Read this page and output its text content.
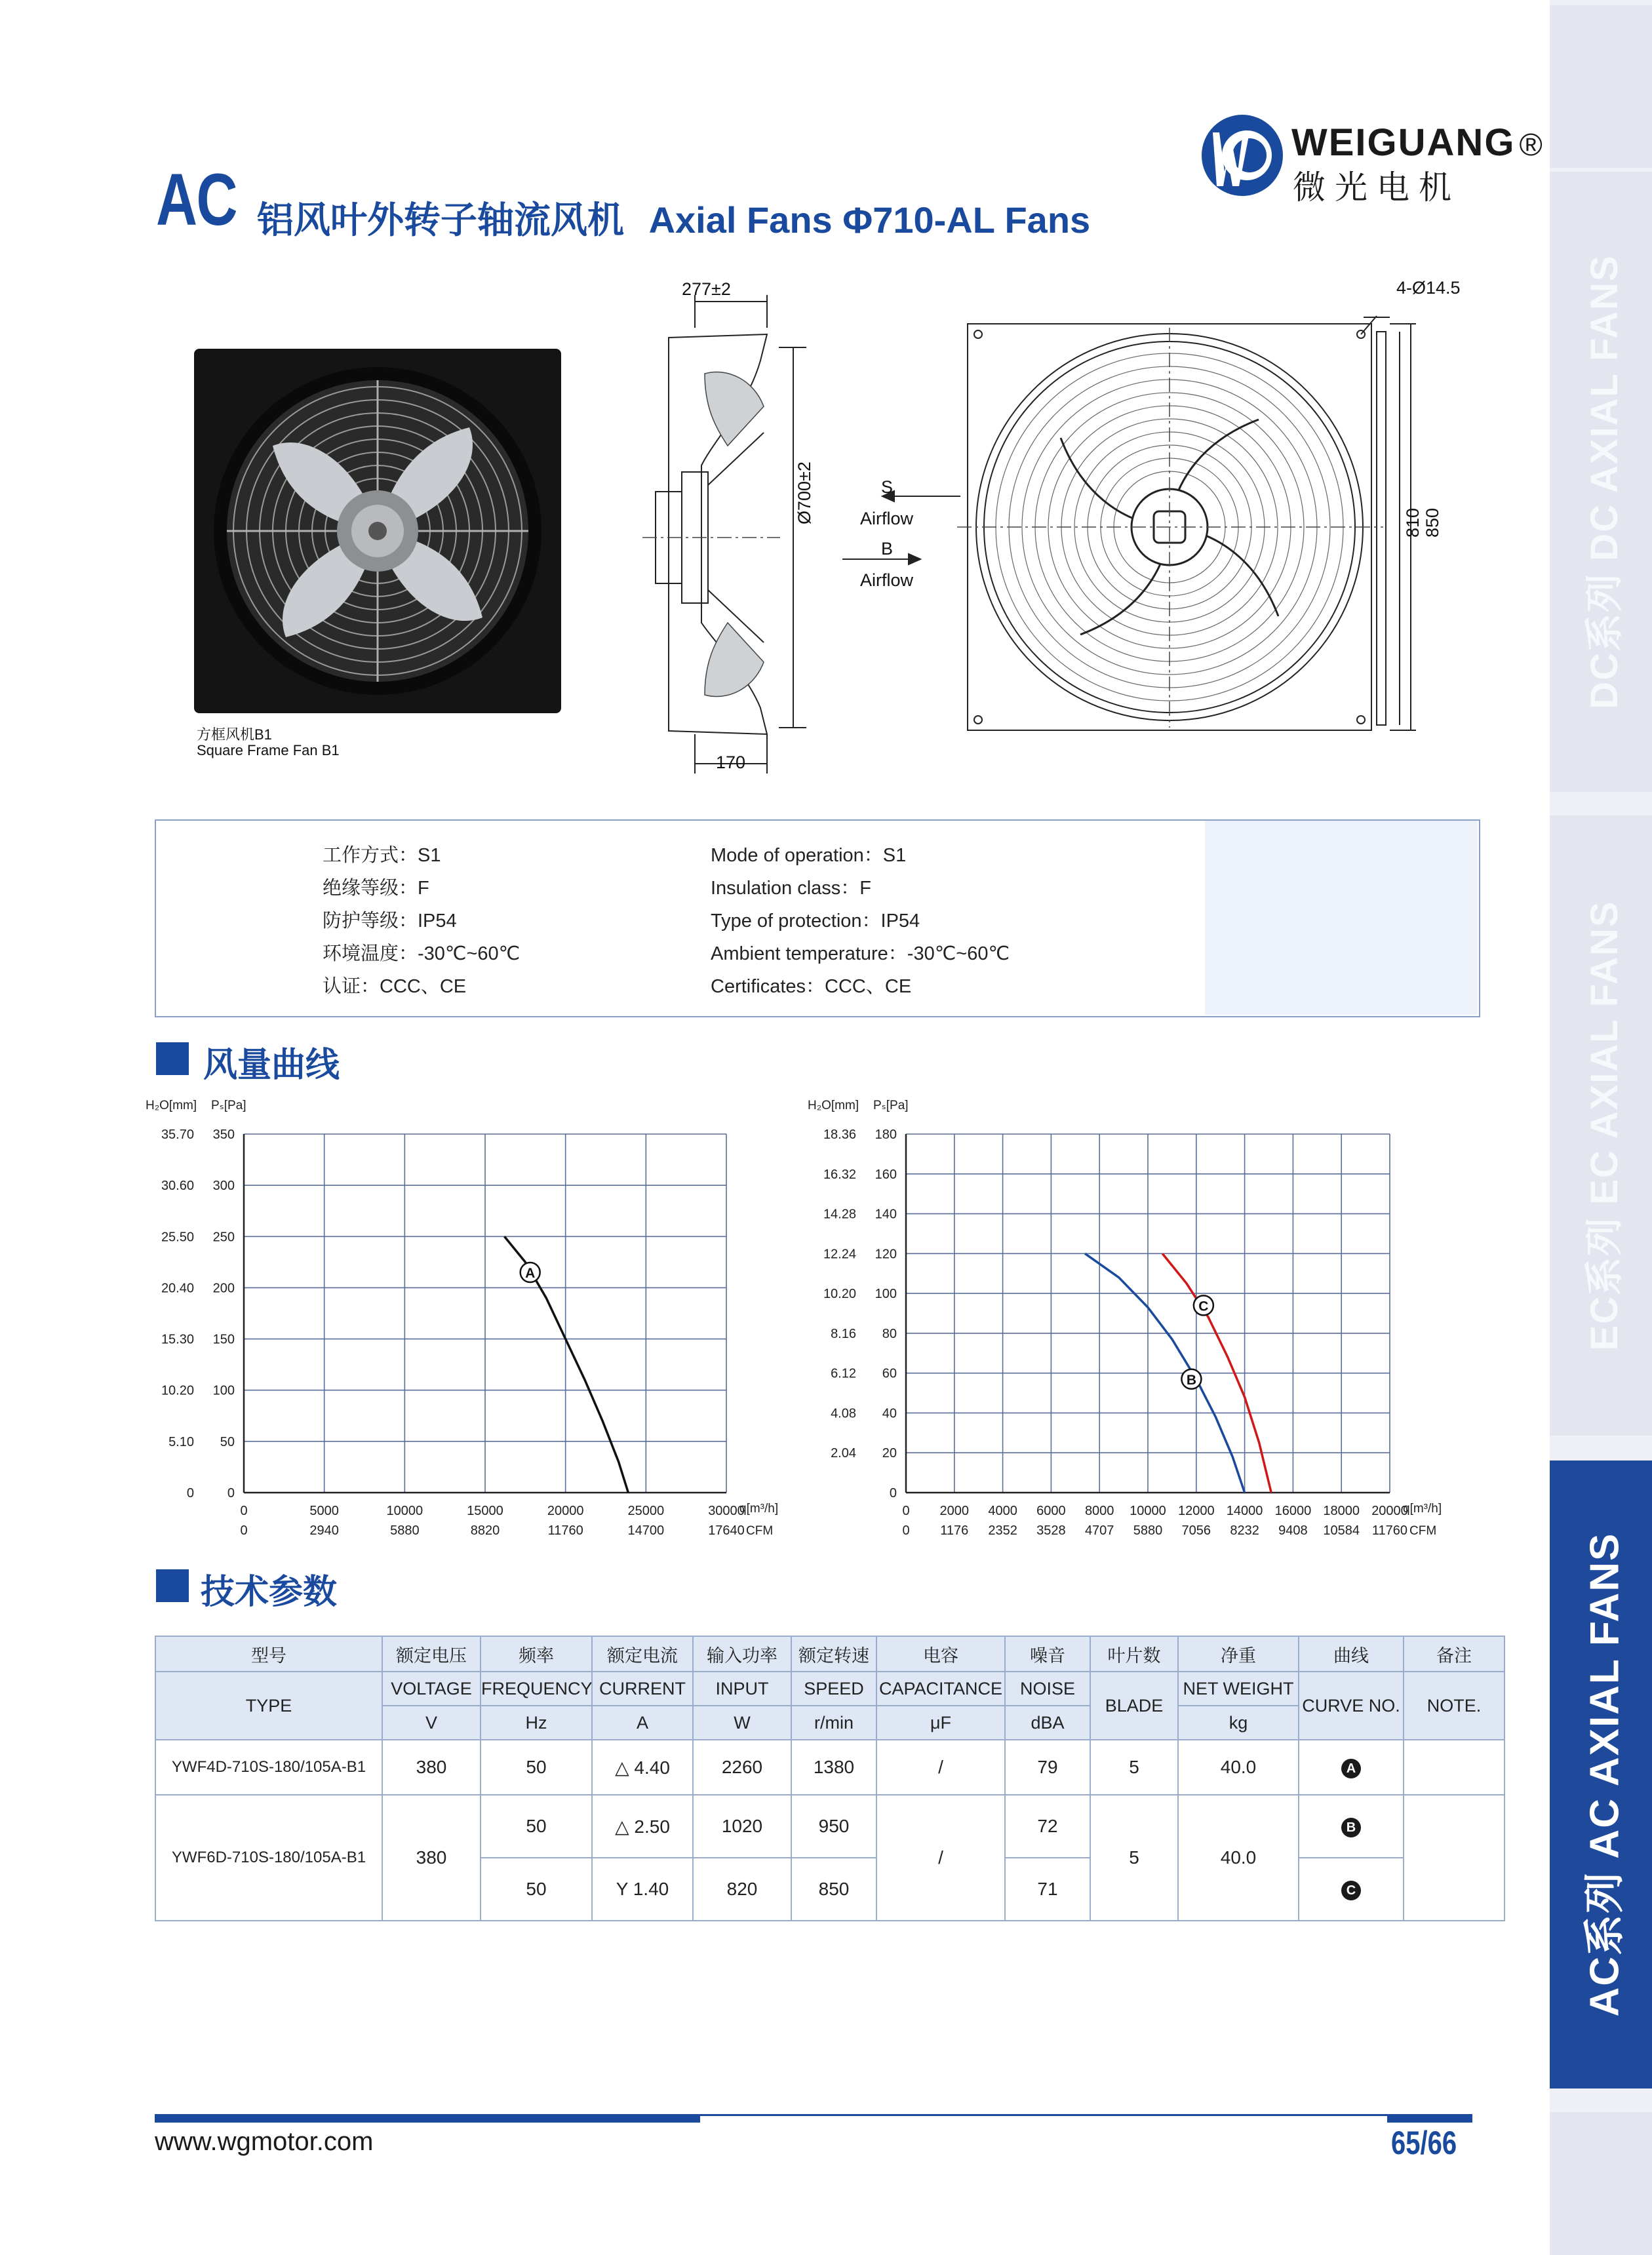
DC系列 DC AXIAL FANS
EC系列 EC AXIAL FANS
AC系列 AC AXIAL FANS
AC 铝风叶外转子轴流风机 Axial Fans Φ710-AL Fans
WEIGUANG ®
微光电机
方框风机B1
Square Frame Fan B1
277±2
170
Ø700±2	S
Airflow
B
Airflow
4-Ø14.5
810 850
工作方式：S1
绝缘等级：F
防护等级：IP54
环境温度：-30℃~60℃
认证：CCC、CE
Mode of operation：S1
Insulation class：F
Type of protection：IP54
Ambient temperature：-30℃~60℃
Certificates：CCC、CE
风量曲线
0	5000	10000	15000	20000	25000	30000
0	2940	5880	8820	11760	14700	17640
0
50
100
150
200
250
300
350
0
5.10
10.20
15.30
20.40
25.50
30.60
35.70
H₂O[mm] Pₛ[Pa]
q[m³/h]
CFM
A
0 2000 4000 6000 8000 10000 12000 14000 16000 18000 20000
0 1176 2352 3528 4707 5880 7056 8232 9408 10584 11760
0
20
40
60
80
100
120
140
160
180
2.04
4.08
6.12
8.16
10.20
12.24
14.28
16.32
18.36
H₂O[mm] Pₛ[Pa]
q[m³/h]
CFM
B
C
技术参数
型号	额定电压	频率	额定电流	输入功率	额定转速	电容	噪音	叶片数	净重	曲线	备注
TYPE	VOLTAGE	FREQUENCY	CURRENT	INPUT	SPEED	CAPACITANCE	NOISE	BLADE	NET WEIGHT	CURVE NO.	NOTE.
	V	Hz	A	W	r/min	μF	dBA		kg		
YWF4D-710S-180/105A-B1	380	50	△ 4.40	2260	1380	/	79	5	40.0	A	
YWF6D-710S-180/105A-B1	380	50	△ 2.50	1020	950	/	72	5	40.0	B	
		50	Y 1.40	820	850		71			C	
www.wgmotor.com	65/66
